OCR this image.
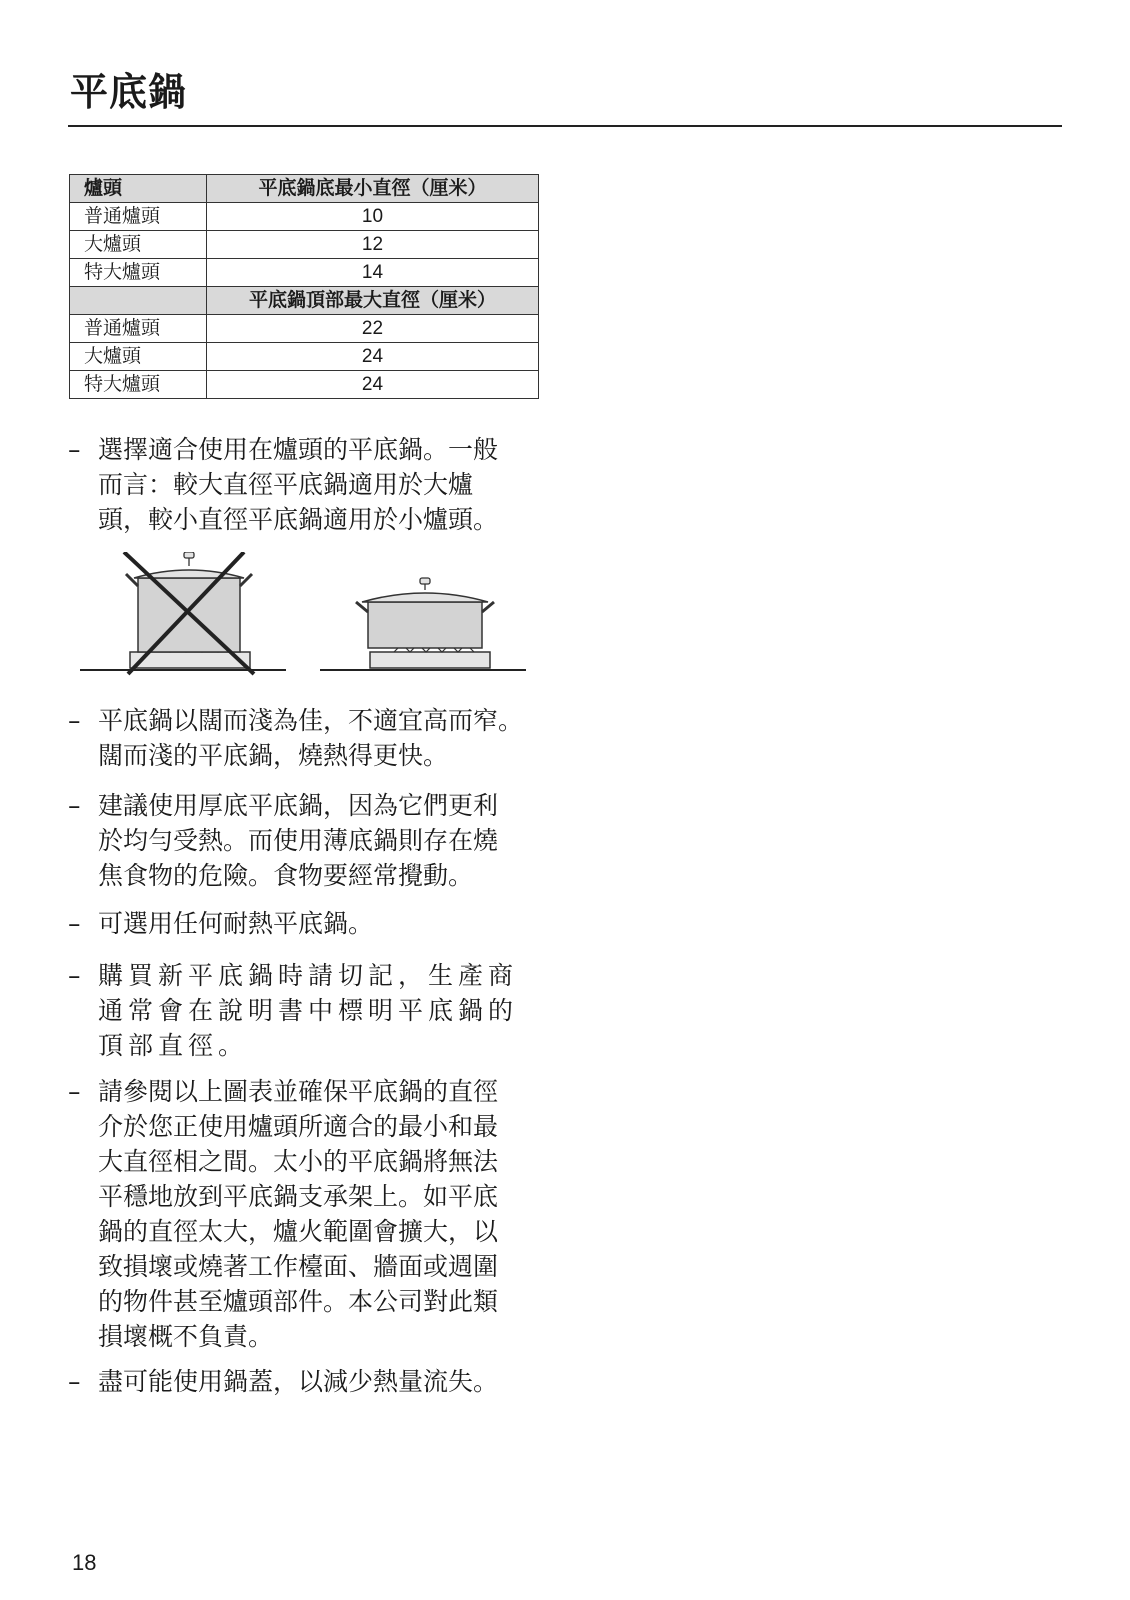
平底鍋
爐頭	平底鍋底最小直徑（厘米）
普通爐頭	10
大爐頭	12
特大爐頭	14
	平底鍋頂部最大直徑（厘米）
普通爐頭	22
大爐頭	24
特大爐頭	24
– 選擇適合使用在爐頭的平底鍋。一般
而言：較大直徑平底鍋適用於大爐
頭，較小直徑平底鍋適用於小爐頭。
– 平底鍋以闊而淺為佳，不適宜高而窄。
闊而淺的平底鍋，燒熱得更快。
– 建議使用厚底平底鍋，因為它們更利
於均勻受熱。而使用薄底鍋則存在燒
焦食物的危險。食物要經常攪動。
– 可選用任何耐熱平底鍋。
– 購買新平底鍋時請切記，生產商
通常會在說明書中標明平底鍋的
頂部直徑。
– 請參閱以上圖表並確保平底鍋的直徑
介於您正使用爐頭所適合的最小和最
大直徑相之間。太小的平底鍋將無法
平穩地放到平底鍋支承架上。如平底
鍋的直徑太大，爐火範圍會擴大，以
致損壞或燒著工作檯面、牆面或週圍
的物件甚至爐頭部件。本公司對此類
損壞概不負責。
– 盡可能使用鍋蓋，以減少熱量流失。
18
